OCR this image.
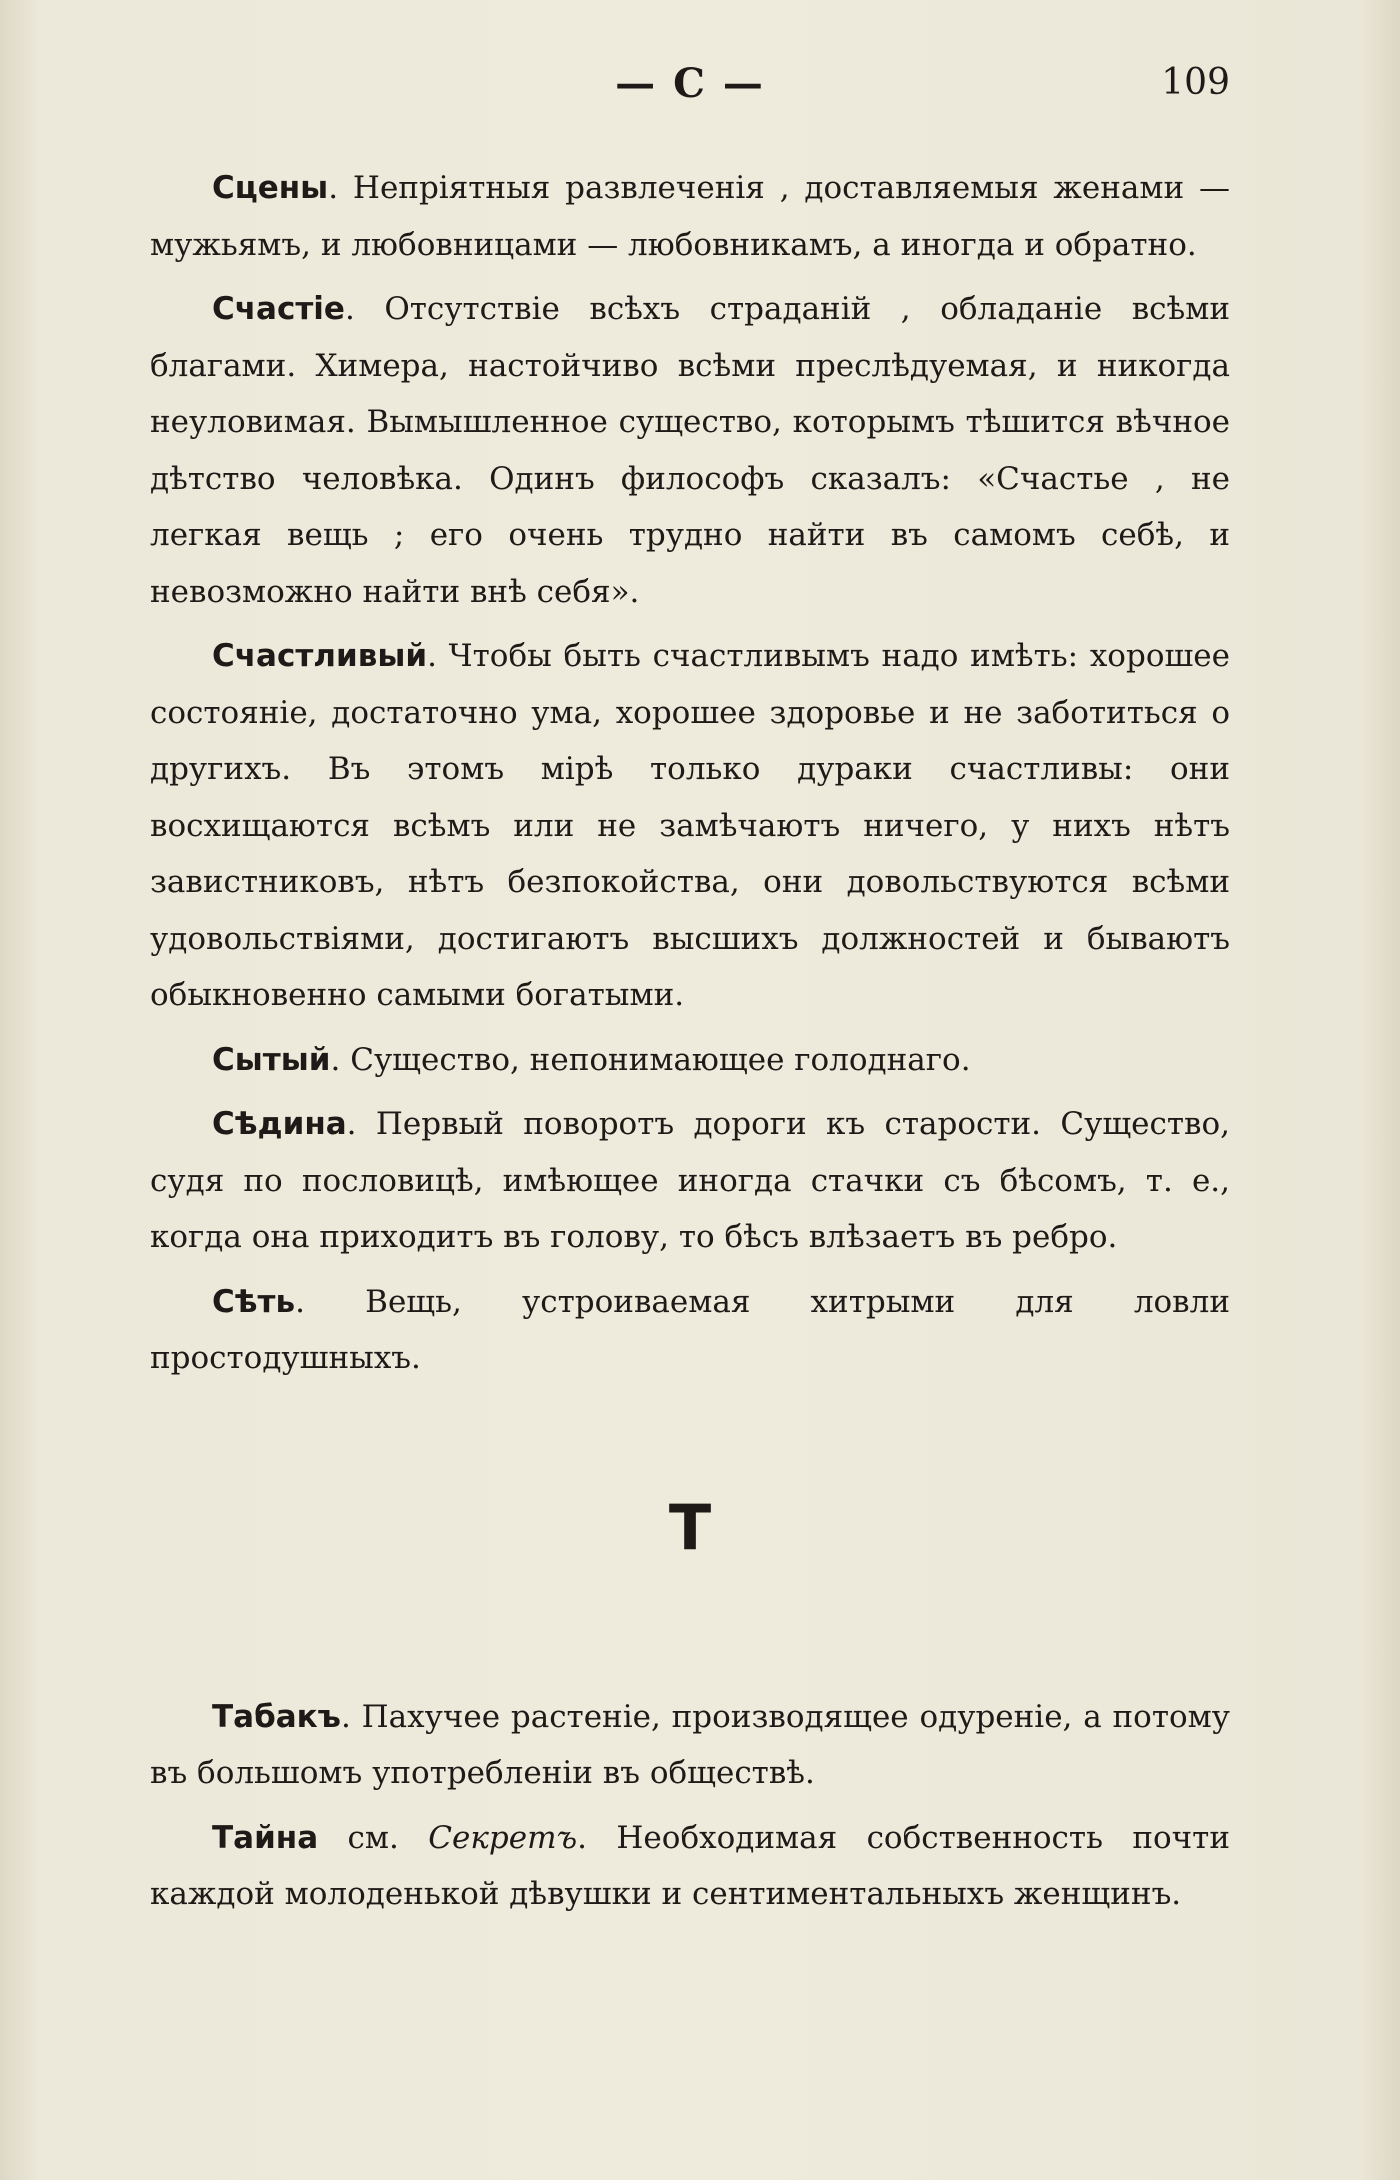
— С —	109

Сцены. Непріятныя развлеченія , доставляемыя женами — мужьямъ, и любовницами — любовникамъ, а иногда и обратно.

Счастіе. Отсутствіе всѣхъ страданій , обладаніе всѣми благами. Химера, настойчиво всѣми преслѣдуемая, и никогда неуловимая. Вымышленное существо, которымъ тѣшится вѣчное дѣтство человѣка. Одинъ философъ сказалъ: «Счастье , не легкая вещь ; его очень трудно найти въ самомъ себѣ, и невозможно найти внѣ себя».

Счастливый. Чтобы быть счастливымъ надо имѣть: хорошее состояніе, достаточно ума, хорошее здоровье и не заботиться о другихъ. Въ этомъ мірѣ только дураки счастливы: они восхищаются всѣмъ или не замѣчаютъ ничего, у нихъ нѣтъ завистниковъ, нѣтъ безпокойства, они довольствуются всѣми удовольствіями, достигаютъ высшихъ должностей и бываютъ обыкновенно самыми богатыми.

Сытый. Существо, непонимающее голоднаго.

Сѣдина. Первый поворотъ дороги къ старости. Существо, судя по пословицѣ, имѣющее иногда стачки съ бѣсомъ, т. е., когда она приходитъ въ голову, то бѣсъ влѣзаетъ въ ребро.

Сѣть. Вещь, устроиваемая хитрыми для ловли простодушныхъ.

Т

Табакъ. Пахучее растеніе, производящее одуреніе, а потому въ большомъ употребленіи въ обществѣ.

Тайна см. Секретъ. Необходимая собственность почти каждой молоденькой дѣвушки и сентиментальныхъ женщинъ.
